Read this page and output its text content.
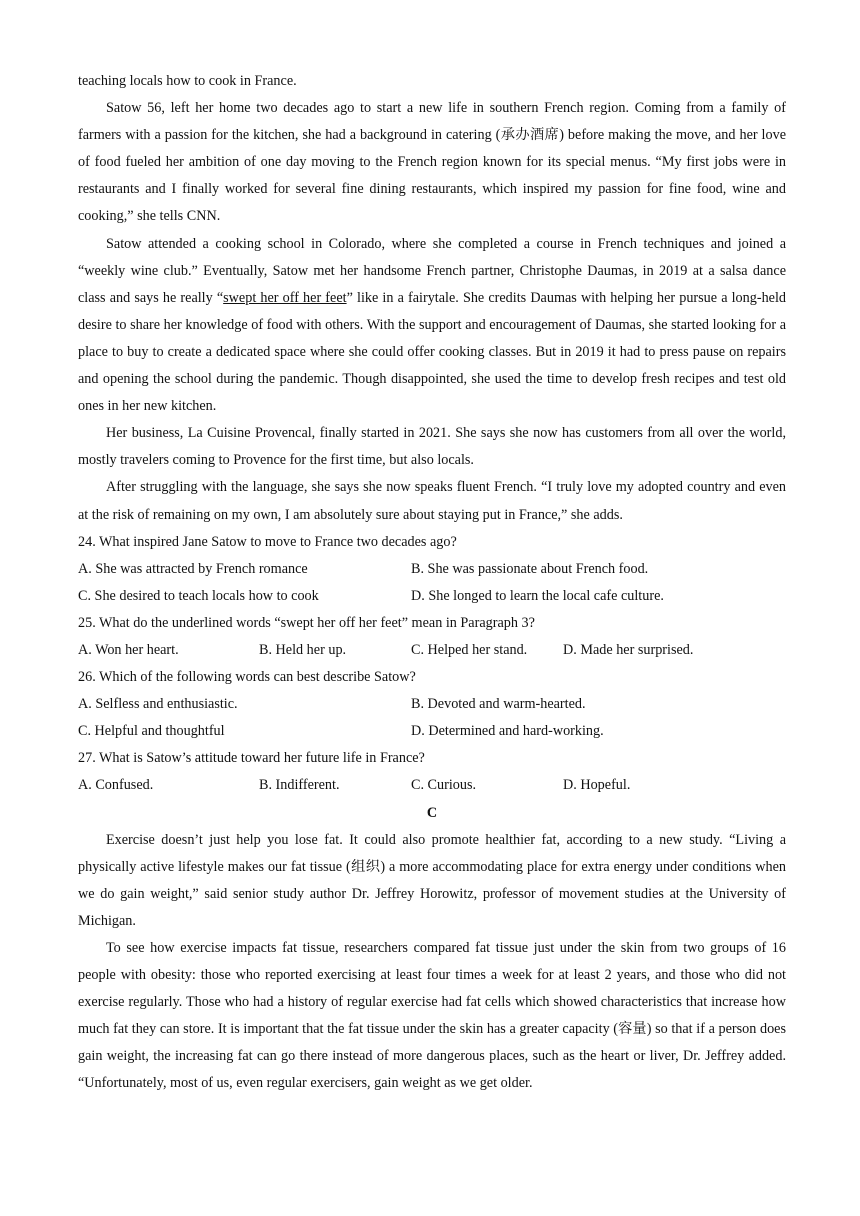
teaching locals how to cook in France.

Satow 56, left her home two decades ago to start a new life in southern French region. Coming from a family of farmers with a passion for the kitchen, she had a background in catering (承办酒席) before making the move, and her love of food fueled her ambition of one day moving to the French region known for its special menus. “My first jobs were in restaurants and I finally worked for several fine dining restaurants, which inspired my passion for fine food, wine and cooking,” she tells CNN.

Satow attended a cooking school in Colorado, where she completed a course in French techniques and joined a “weekly wine club.” Eventually, Satow met her handsome French partner, Christophe Daumas, in 2019 at a salsa dance class and says he really “swept her off her feet” like in a fairytale. She credits Daumas with helping her pursue a long-held desire to share her knowledge of food with others. With the support and encouragement of Daumas, she started looking for a place to buy to create a dedicated space where she could offer cooking classes. But in 2019 it had to press pause on repairs and opening the school during the pandemic. Though disappointed, she used the time to develop fresh recipes and test old ones in her new kitchen.

Her business, La Cuisine Provencal, finally started in 2021. She says she now has customers from all over the world, mostly travelers coming to Provence for the first time, but also locals.

After struggling with the language, she says she now speaks fluent French. “I truly love my adopted country and even at the risk of remaining on my own, I am absolutely sure about staying put in France,” she adds.

24. What inspired Jane Satow to move to France two decades ago?

A. She was attracted by French romance	B. She was passionate about French food.
C. She desired to teach locals how to cook	D. She longed to learn the local cafe culture.

25. What do the underlined words “swept her off her feet” mean in Paragraph 3?

A. Won her heart.	B. Held her up.	C. Helped her stand.	D. Made her surprised.

26. Which of the following words can best describe Satow?

A. Selfless and enthusiastic.	B. Devoted and warm-hearted.
C. Helpful and thoughtful	D. Determined and hard-working.

27. What is Satow’s attitude toward her future life in France?

A. Confused.	B. Indifferent.	C. Curious.	D. Hopeful.

C

Exercise doesn’t just help you lose fat. It could also promote healthier fat, according to a new study. “Living a physically active lifestyle makes our fat tissue (组织) a more accommodating place for extra energy under conditions when we do gain weight,” said senior study author Dr. Jeffrey Horowitz, professor of movement studies at the University of Michigan.

To see how exercise impacts fat tissue, researchers compared fat tissue just under the skin from two groups of 16 people with obesity: those who reported exercising at least four times a week for at least 2 years, and those who did not exercise regularly. Those who had a history of regular exercise had fat cells which showed characteristics that increase how much fat they can store. It is important that the fat tissue under the skin has a greater capacity (容量) so that if a person does gain weight, the increasing fat can go there instead of more dangerous places, such as the heart or liver, Dr. Jeffrey added. “Unfortunately, most of us, even regular exercisers, gain weight as we get older.
